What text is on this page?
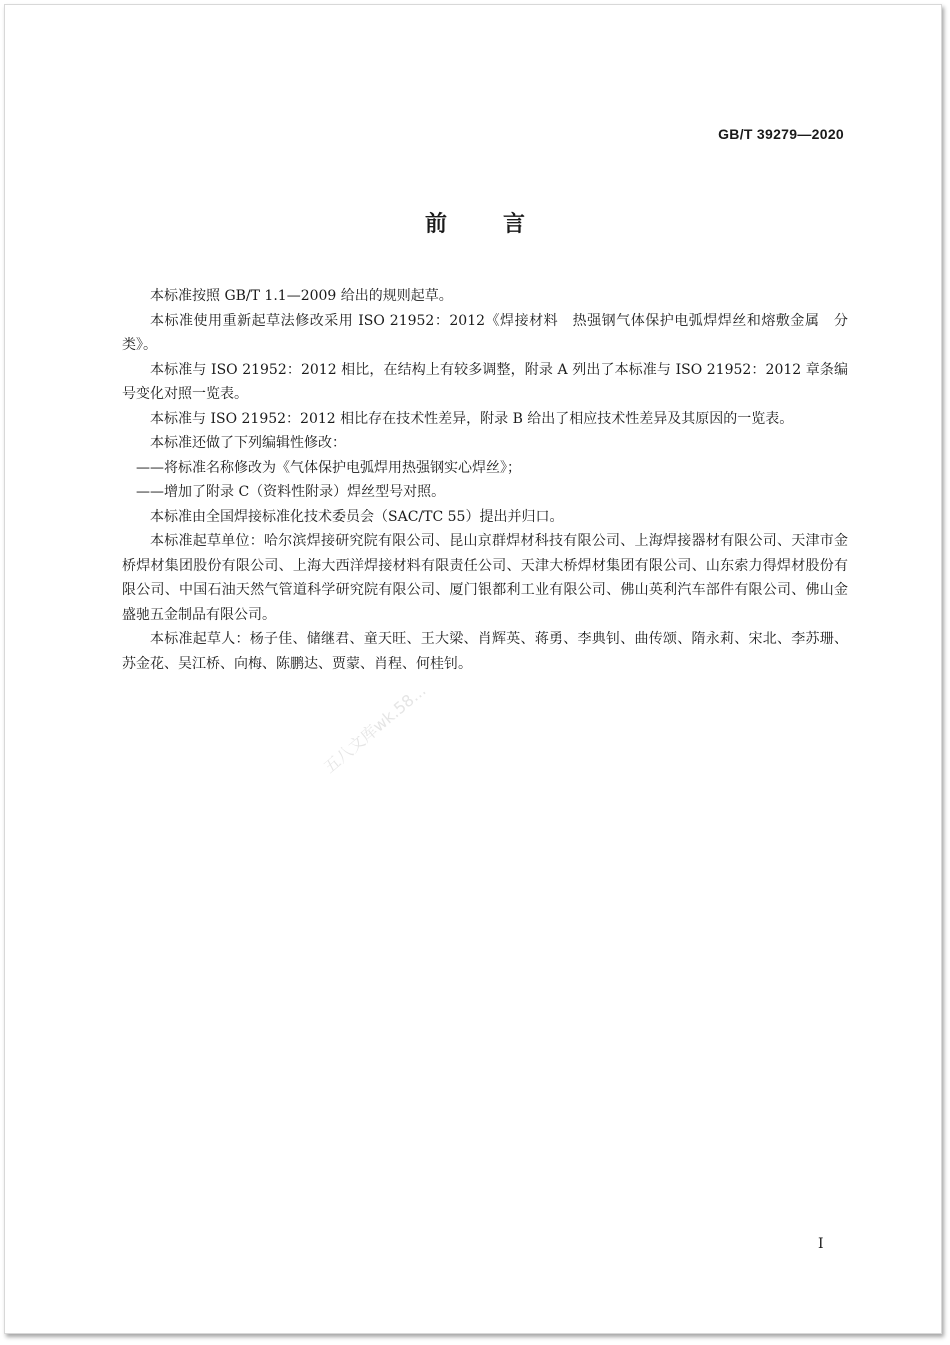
GB/T 39279—2020
前言

本标准按照 GB/T 1.1—2009 给出的规则起草。

本标准使用重新起草法修改采用 ISO 21952：2012《焊接材料　热强钢气体保护电弧焊焊丝和熔敷金属　分类》。

本标准与 ISO 21952：2012 相比，在结构上有较多调整，附录 A 列出了本标准与 ISO 21952：2012 章条编号变化对照一览表。

本标准与 ISO 21952：2012 相比存在技术性差异，附录 B 给出了相应技术性差异及其原因的一览表。

本标准还做了下列编辑性修改：

——将标准名称修改为《气体保护电弧焊用热强钢实心焊丝》；

——增加了附录 C（资料性附录）焊丝型号对照。

本标准由全国焊接标准化技术委员会（SAC/TC 55）提出并归口。

本标准起草单位：哈尔滨焊接研究院有限公司、昆山京群焊材科技有限公司、上海焊接器材有限公司、天津市金桥焊材集团股份有限公司、上海大西洋焊接材料有限责任公司、天津大桥焊材集团有限公司、山东索力得焊材股份有限公司、中国石油天然气管道科学研究院有限公司、厦门银都利工业有限公司、佛山英利汽车部件有限公司、佛山金盛驰五金制品有限公司。

本标准起草人：杨子佳、储继君、童天旺、王大梁、肖辉英、蒋勇、李典钊、曲传颂、隋永莉、宋北、李苏珊、苏金花、吴江桥、向梅、陈鹏达、贾蒙、肖程、何桂钊。

五八文库wk.58...
I
